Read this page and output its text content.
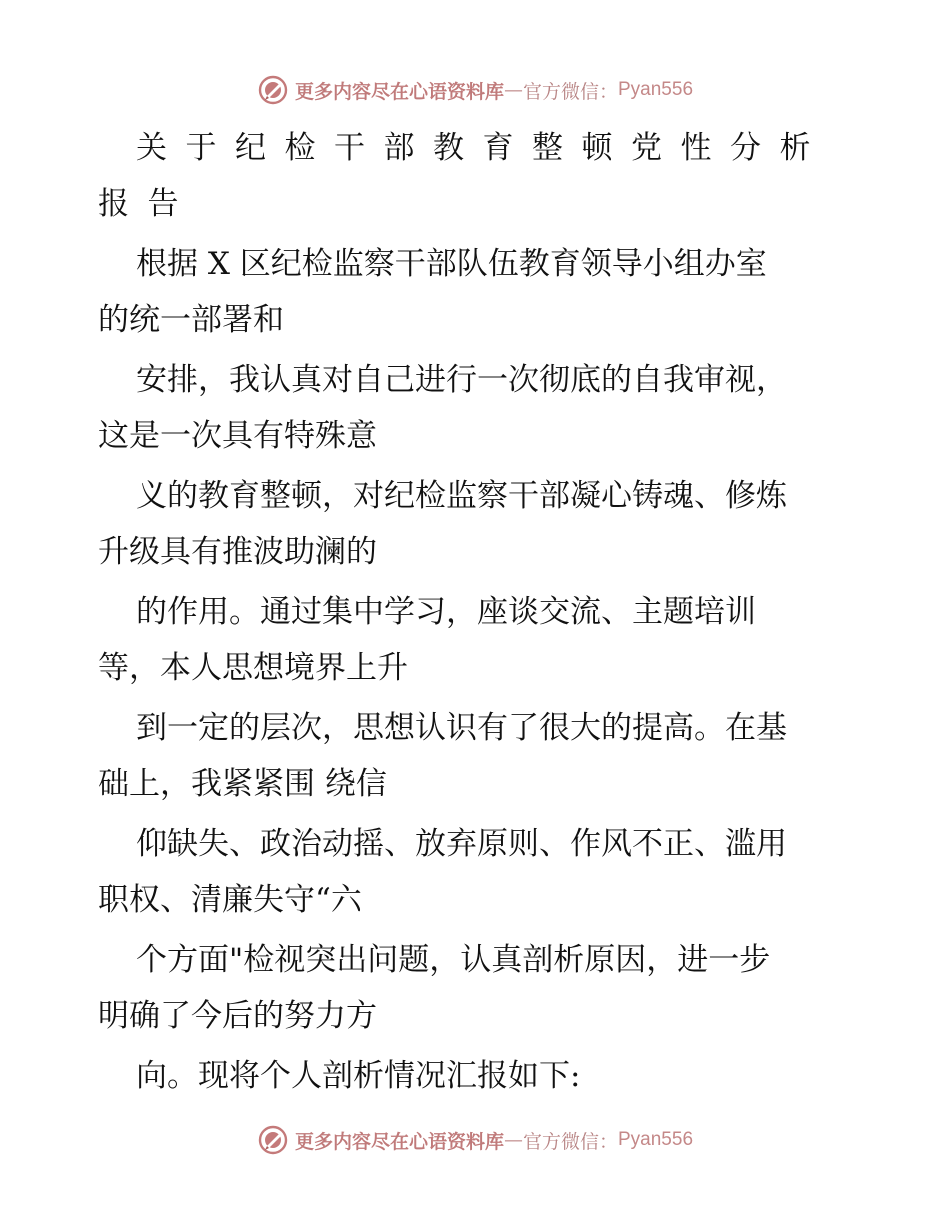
更多内容尽在心语资料库 — 官方微信： Pyan556
关于纪检干部教育整顿党性分析
报告
根据 X 区纪检监察干部队伍教育领导小组办室
的统一部署和
安排，我认真对自己进行一次彻底的自我审视，
这是一次具有特殊意
义的教育整顿，对纪检监察干部凝心铸魂、修炼
升级具有推波助澜的
的作用。通过集中学习，座谈交流、主题培训
等，本人思想境界上升
到一定的层次，思想认识有了很大的提高。在基
础上，我紧紧围 绕信
仰缺失、政治动摇、放弃原则、作风不正、滥用
职权、清廉失守“六
个方面"检视突出问题，认真剖析原因，进一步
明确了今后的努力方
向。现将个人剖析情况汇报如下:
更多内容尽在心语资料库 — 官方微信： Pyan556
